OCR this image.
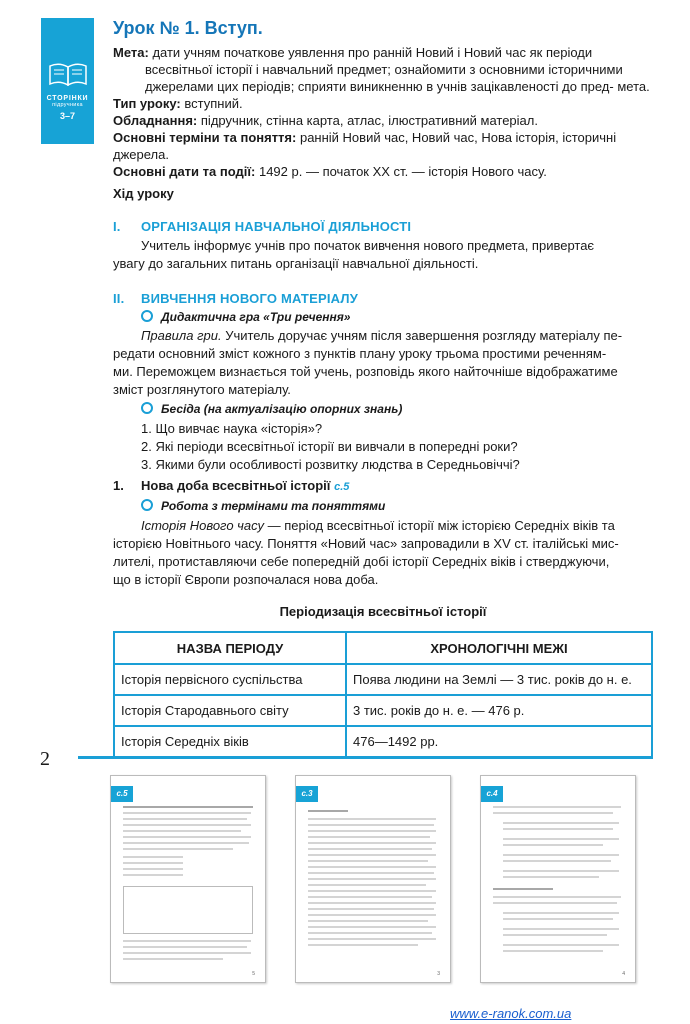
СТОРІНКИ
підручника
3–7
Урок № 1. Вступ.

Мета: дати учням початкове уявлення про ранній Новий і Новий час як періоди всесвітньої історії і навчальний предмет; ознайомити з основними історичними джерелами цих періодів; сприяти виникненню в учнів зацікавленості до пред- мета.

Тип уроку: вступний.

Обладнання: підручник, стінна карта, атлас, ілюстративний матеріал.

Основні терміни та поняття: ранній Новий час, Новий час, Нова історія, історичні джерела.

Основні дати та події: 1492 р. — початок ХХ ст. — історія Нового часу.

Хід уроку
I. ОРГАНІЗАЦІЯ НАВЧАЛЬНОЇ ДІЯЛЬНОСТІ
Учитель інформує учнів про початок вивчення нового предмета, привертає
увагу до загальних питань організації навчальної діяльності.
II. ВИВЧЕННЯ НОВОГО МАТЕРІАЛУ
Дидактична гра «Три речення»
Правила гри. Учитель доручає учням після завершення розгляду матеріалу пе-
редати основний зміст кожного з пунктів плану уроку трьома простими реченням-
ми. Переможцем визнається той учень, розповідь якого найточніше відображатиме
зміст розглянутого матеріалу.
Бесіда (на актуалізацію опорних знань)
1. Що вивчає наука «історія»?
2. Які періоди всесвітньої історії ви вивчали в попередні роки?
3. Якими були особливості розвитку людства в Середньовіччі?
1. Нова доба всесвітньої історії с.5
Робота з термінами та поняттями
Історія Нового часу — період всесвітньої історії між історією Середніх віків та
історією Новітнього часу. Поняття «Новий час» запровадили в XV ст. італійські мис-
лителі, протиставляючи себе попередній добі історії Середніх віків і стверджуючи,
що в історії Європи розпочалася нова доба.
Періодизація всесвітньої історії
НАЗВА ПЕРІОДУ	ХРОНОЛОГІЧНІ МЕЖІ
Історія первісного суспільства	Поява людини на Землі — 3 тис. років до н. е.
Історія Стародавнього світу	3 тис. років до н. е. — 476 р.
Історія Середніх віків	476—1492 рр.
2
с.5
5
с.3
3
с.4
4
www.e-ranok.com.ua
